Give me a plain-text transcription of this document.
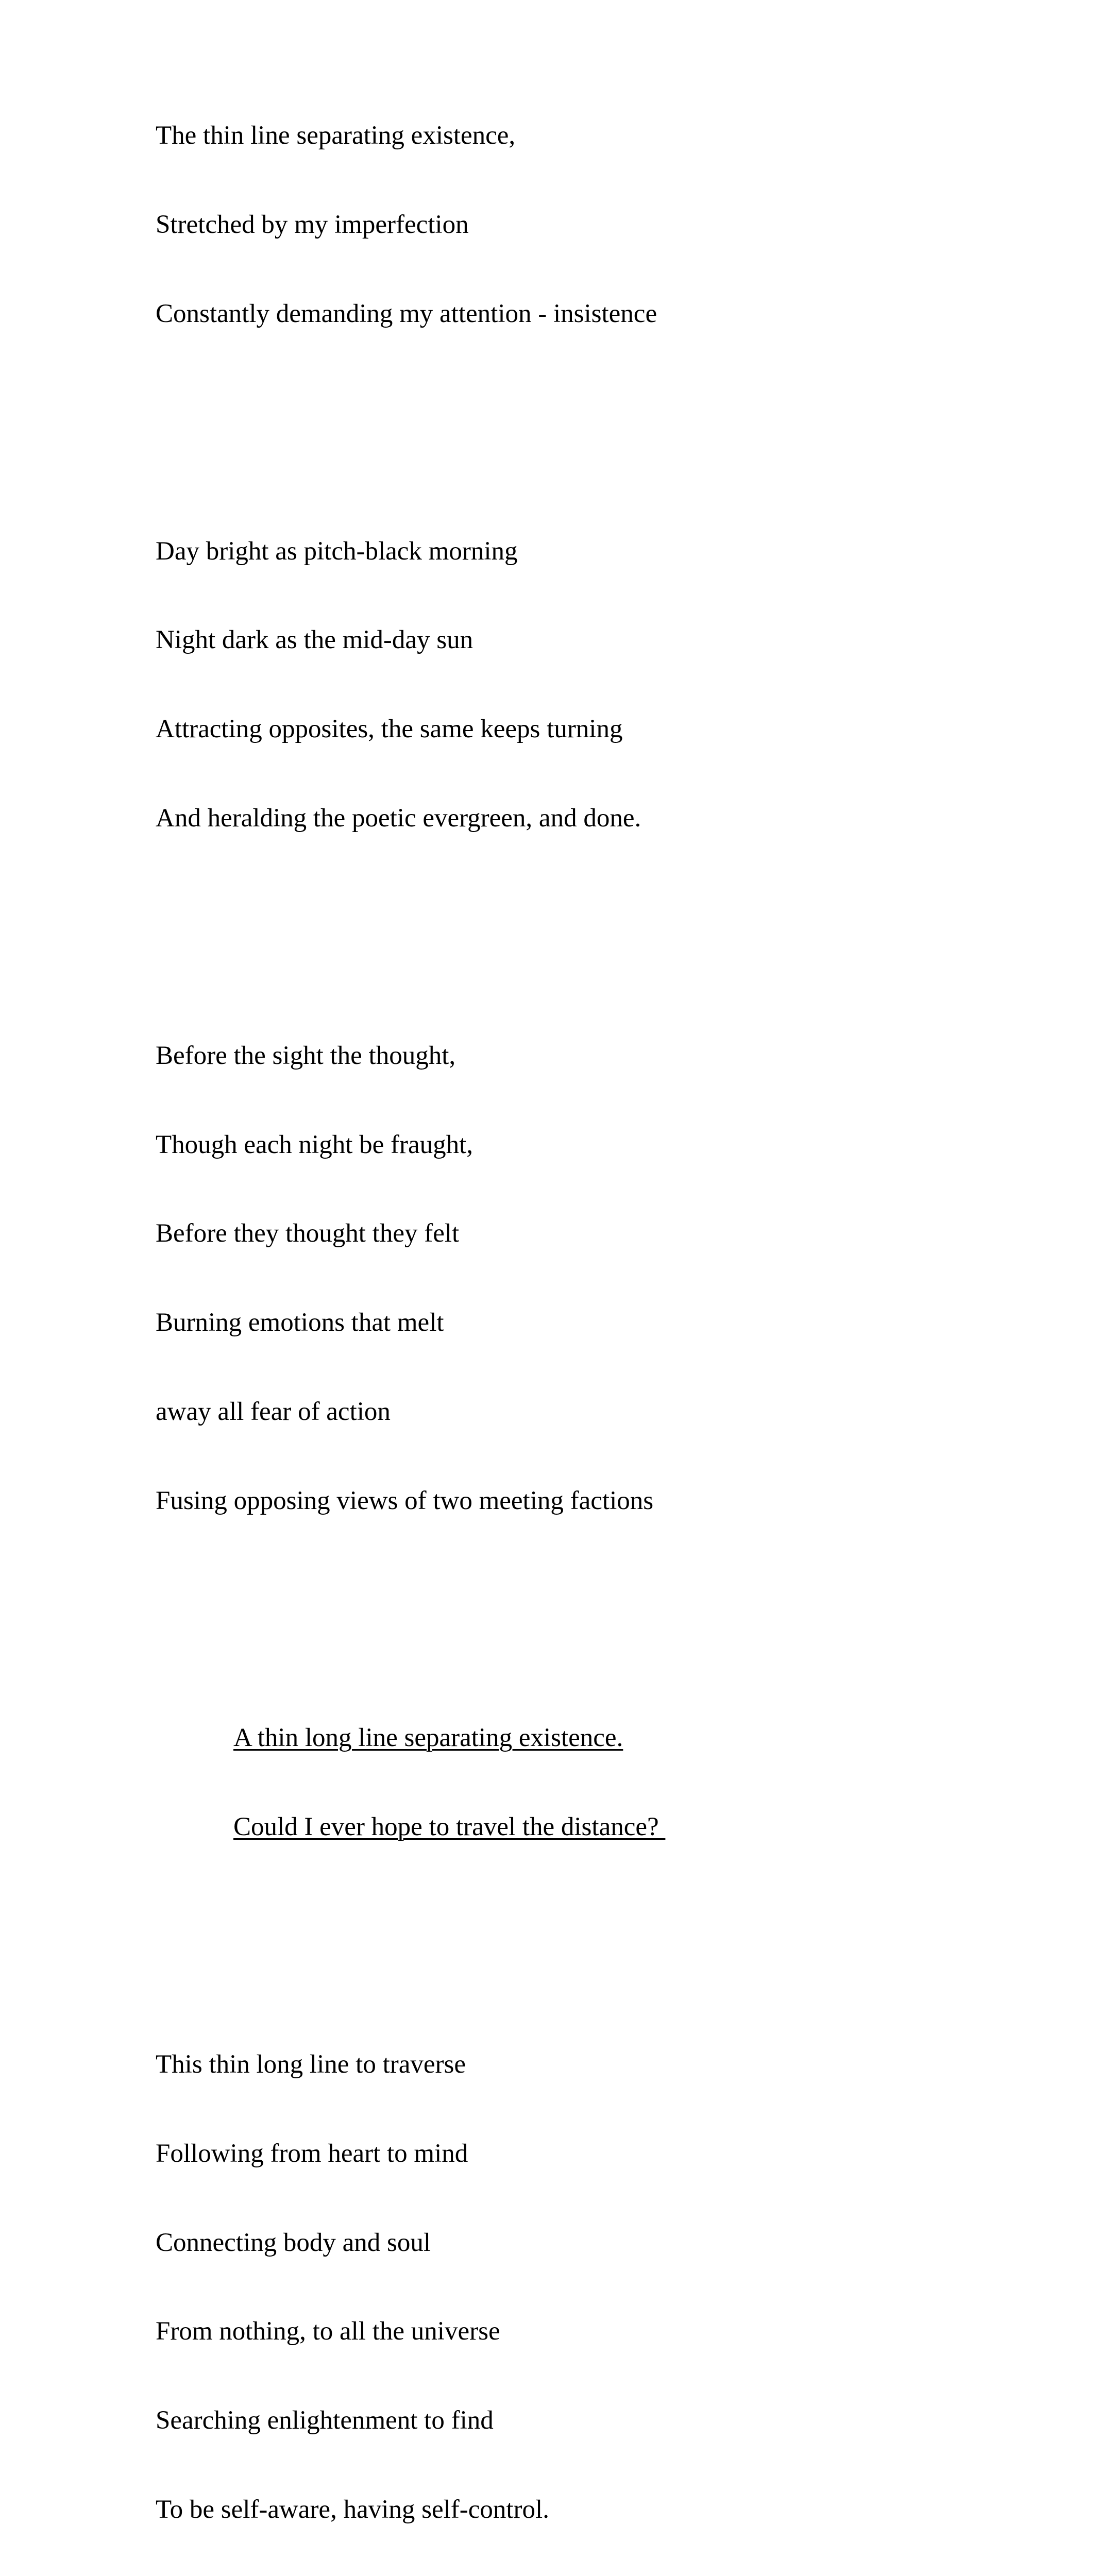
The thin line separating existence,

Stretched by my imperfection

Constantly demanding my attention - insistence

Day bright as pitch-black morning

Night dark as the mid-day sun

Attracting opposites, the same keeps turning

And heralding the poetic evergreen, and done.

Before the sight the thought,

Though each night be fraught,

Before they thought they felt

Burning emotions that melt

away all fear of action

Fusing opposing views of two meeting factions

A thin long line separating existence.

Could I ever hope to travel the distance?

This thin long line to traverse

Following from heart to mind

Connecting body and soul

From nothing, to all the universe

Searching enlightenment to find

To be self-aware, having self-control.
